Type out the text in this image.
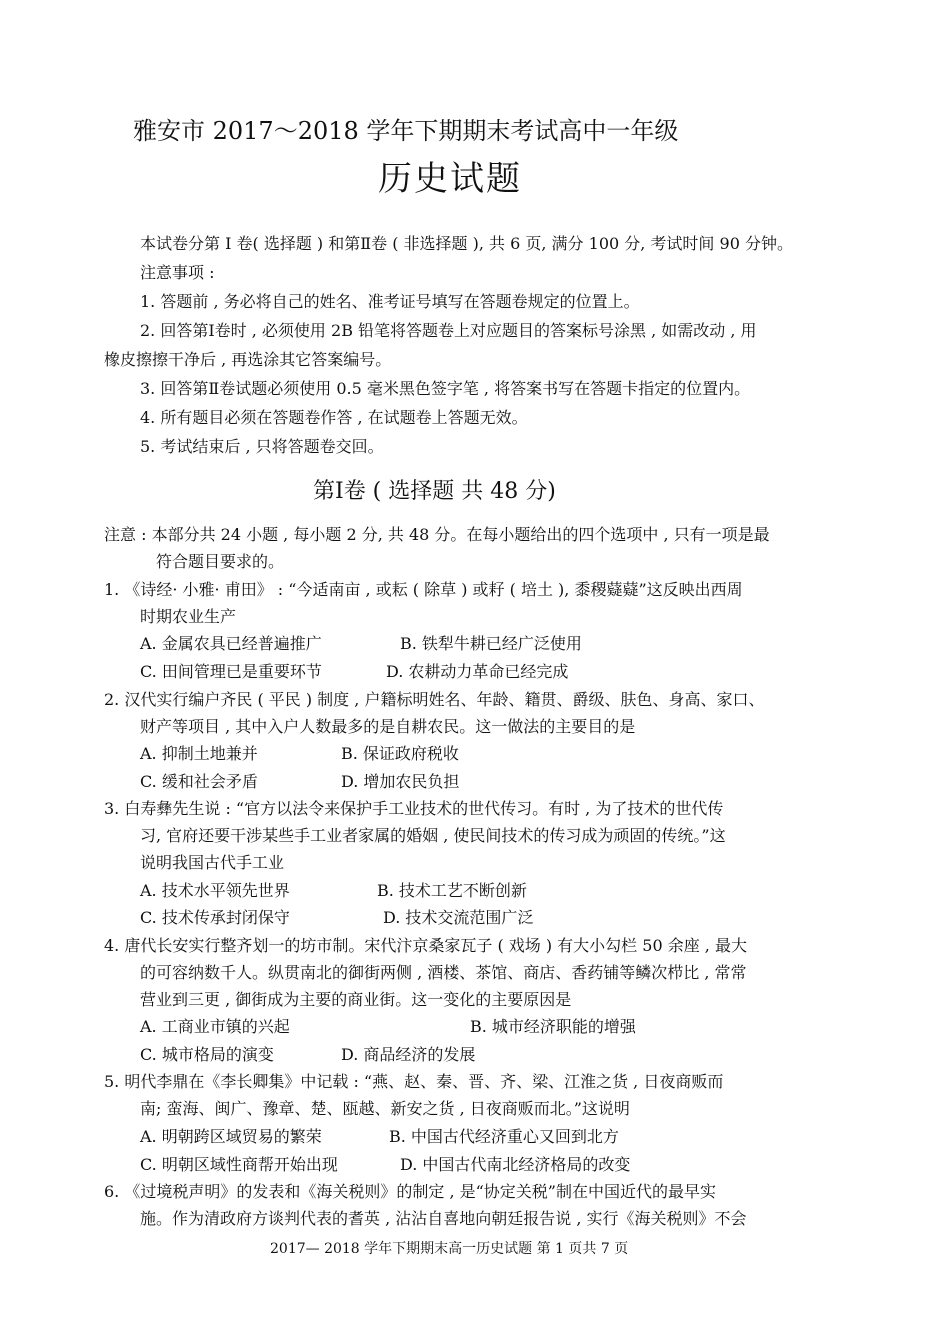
雅安市 2017～2018 学年下期期末考试高中一年级
历史试题
本试卷分第 Ⅰ 卷( 选择题 ) 和第Ⅱ卷 ( 非选择题 ), 共 6 页, 满分 100 分, 考试时间 90 分钟。
注意事项 :
1. 答题前 , 务必将自己的姓名、准考证号填写在答题卷规定的位置上。
2. 回答第Ⅰ卷时 , 必须使用 2B 铅笔将答题卷上对应题目的答案标号涂黑 , 如需改动 , 用
橡皮擦擦干净后 , 再选涂其它答案编号。
3. 回答第Ⅱ卷试题必须使用 0.5 毫米黑色签字笔 , 将答案书写在答题卡指定的位置内。
4. 所有题目必须在答题卷作答 , 在试题卷上答题无效。
5. 考试结束后 , 只将答题卷交回。
第Ⅰ卷 ( 选择题 共 48 分)
注意 : 本部分共 24 小题 , 每小题 2 分, 共 48 分。在每小题给出的四个选项中 , 只有一项是最
符合题目要求的。
1. 《诗经· 小雅· 甫田》 : “今适南亩 , 或耘 ( 除草 ) 或耔 ( 培土 ), 黍稷薿薿”这反映出西周
时期农业生产
A. 金属农具已经普遍推广	B. 铁犁牛耕已经广泛使用
C. 田间管理已是重要环节	D. 农耕动力革命已经完成
2. 汉代实行编户齐民 ( 平民 ) 制度 , 户籍标明姓名、年龄、籍贯、爵级、肤色、身高、家口、
财产等项目 , 其中入户人数最多的是自耕农民。这一做法的主要目的是
A. 抑制土地兼并	B. 保证政府税收
C. 缓和社会矛盾	D. 增加农民负担
3. 白寿彝先生说 : “官方以法令来保护手工业技术的世代传习。有时 , 为了技术的世代传
习, 官府还要干涉某些手工业者家属的婚姻 , 使民间技术的传习成为顽固的传统。”这
说明我国古代手工业
A. 技术水平领先世界	B. 技术工艺不断创新
C. 技术传承封闭保守	D. 技术交流范围广泛
4. 唐代长安实行整齐划一的坊市制。宋代汴京桑家瓦子 ( 戏场 ) 有大小勾栏 50 余座 , 最大
的可容纳数千人。纵贯南北的御街两侧 , 酒楼、茶馆、商店、香药铺等鳞次栉比 , 常常
营业到三更 , 御街成为主要的商业街。这一变化的主要原因是
A. 工商业市镇的兴起	B. 城市经济职能的增强
C. 城市格局的演变	D. 商品经济的发展
5. 明代李鼎在《李长卿集》中记载 : “燕、赵、秦、晋、齐、梁、江淮之货 , 日夜商贩而
南; 蛮海、闽广、豫章、楚、瓯越、新安之货 , 日夜商贩而北。”这说明
A. 明朝跨区域贸易的繁荣	B. 中国古代经济重心又回到北方
C. 明朝区域性商帮开始出现	D. 中国古代南北经济格局的改变
6. 《过境税声明》的发表和《海关税则》的制定 , 是“协定关税”制在中国近代的最早实
施。作为清政府方谈判代表的耆英 , 沾沾自喜地向朝廷报告说 , 实行《海关税则》不会
2017— 2018 学年下期期末高一历史试题 第 1 页共 7 页
